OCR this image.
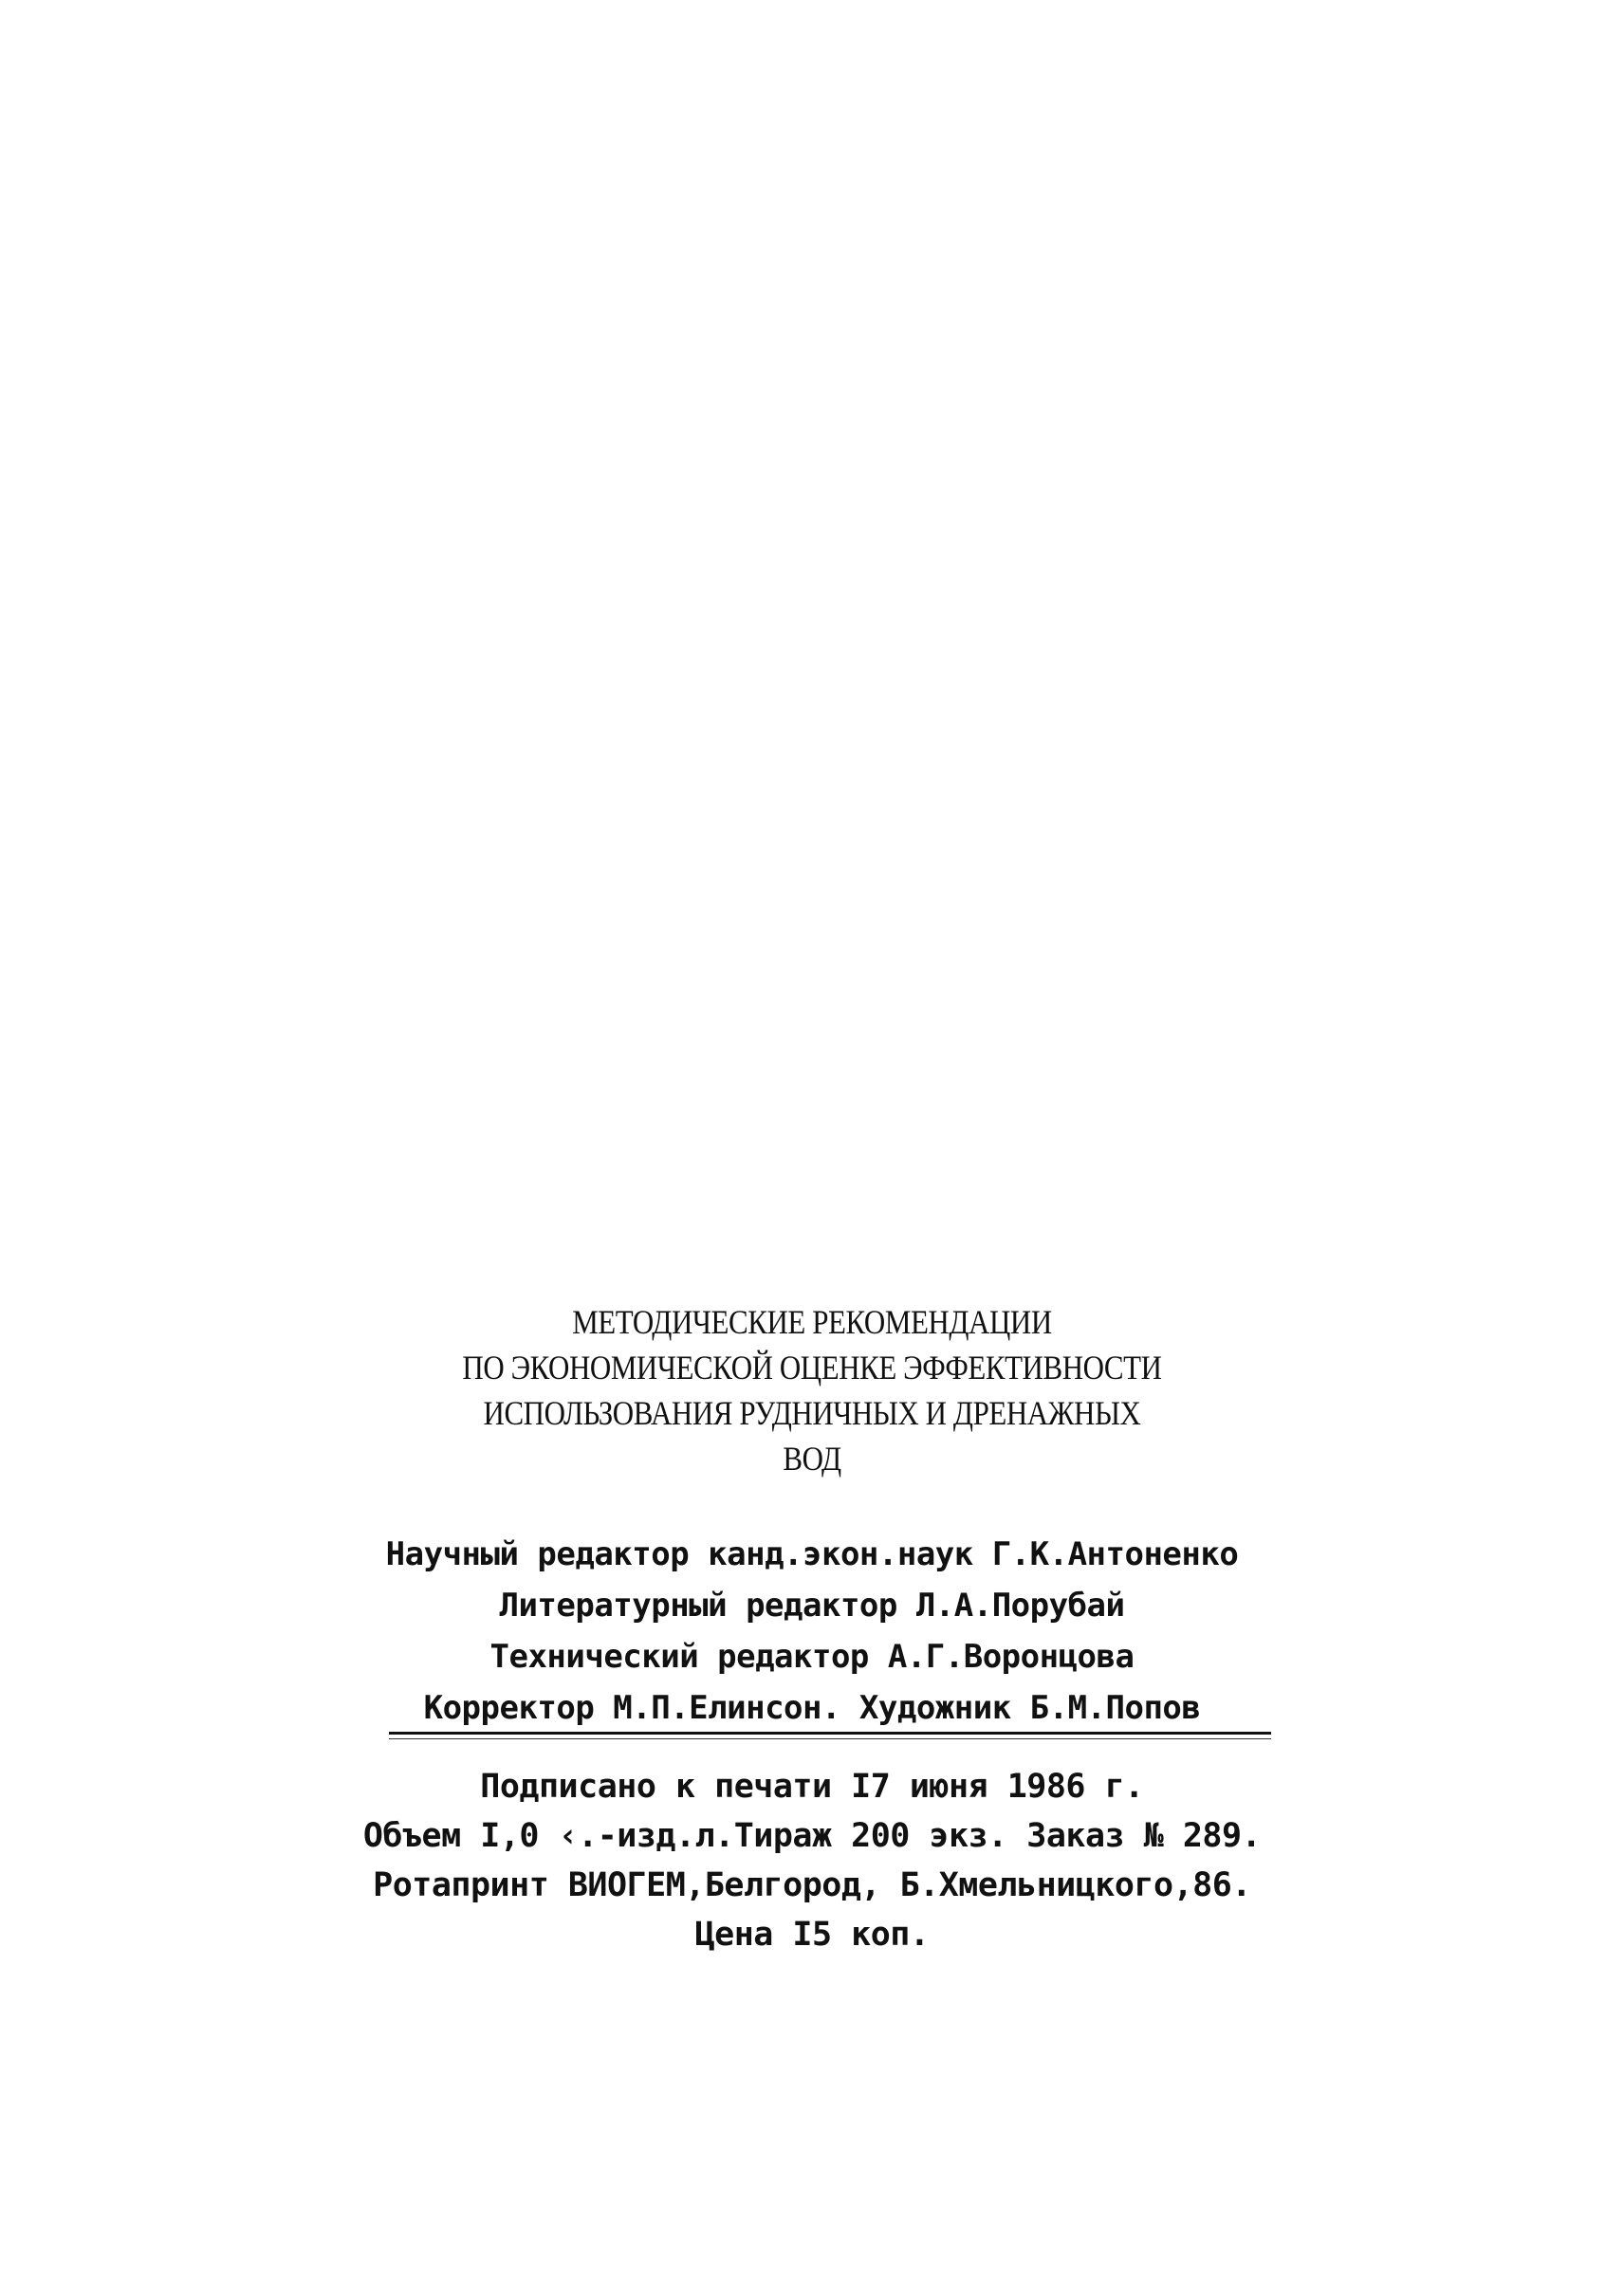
МЕТОДИЧЕСКИЕ РЕКОМЕНДАЦИИ
ПО ЭКОНОМИЧЕСКОЙ ОЦЕНКЕ ЭФФЕКТИВНОСТИ
ИСПОЛЬЗОВАНИЯ РУДНИЧНЫХ И ДРЕНАЖНЫХ
ВОД
Научный редактор канд.экон.наук Г.К.Антоненко
Литературный редактор Л.А.Порубай
Технический редактор А.Г.Воронцова
Корректор М.П.Елинсон. Художник Б.М.Попов
Подписано к печати I7 июня 1986 г.
Объем I,0 ‹.-изд.л.Тираж 200 экз. Заказ № 289.
Ротапринт ВИОГЕМ,Белгород, Б.Хмельницкого,86.
Цена I5 коп.
